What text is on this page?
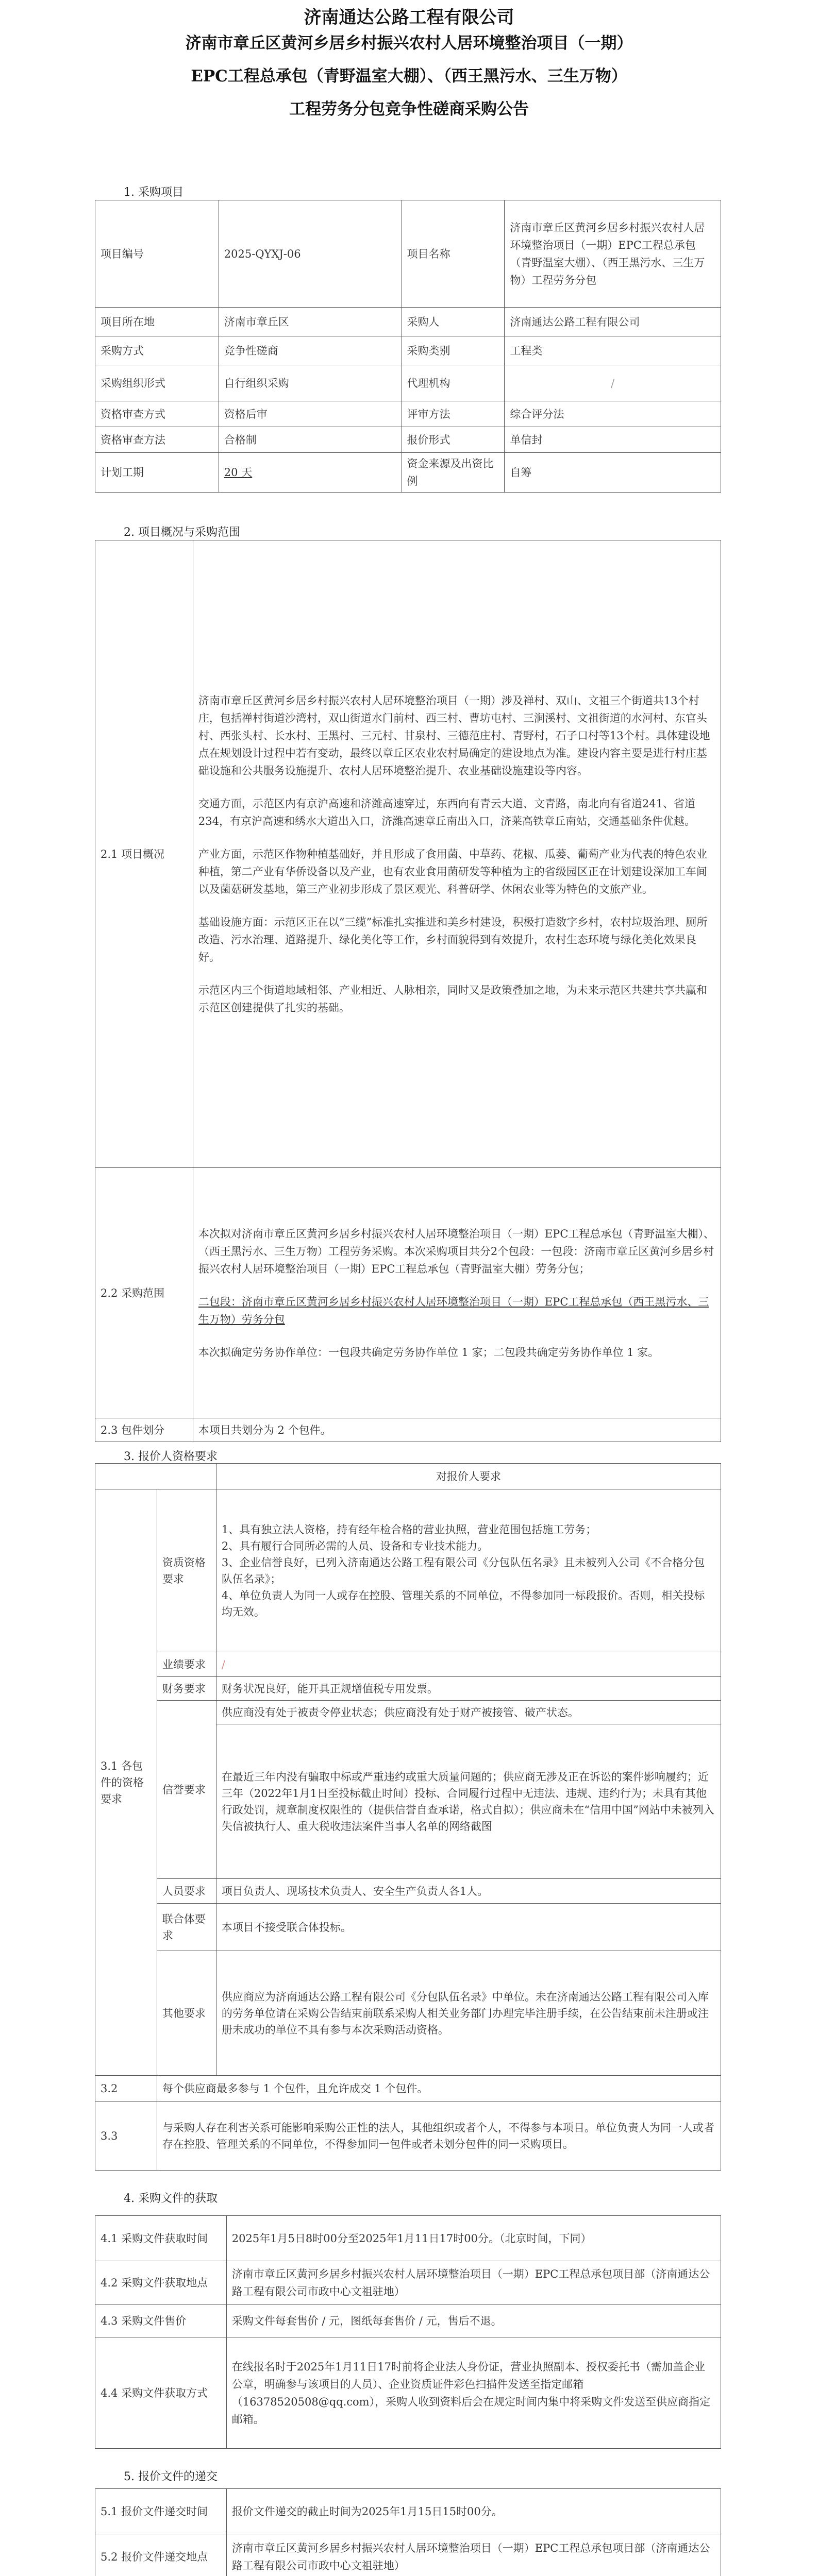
济南通达公路工程有限公司
济南市章丘区黄河乡居乡村振兴农村人居环境整治项目（一期）
EPC工程总承包（青野温室大棚）、（西王黑污水、三生万物）
工程劳务分包竞争性磋商采购公告
1. 采购项目
项目编号	2025-QYXJ-06	项目名称	济南市章丘区黄河乡居乡村振兴农村人居环境整治项目（一期）EPC工程总承包（青野温室大棚）、（西王黑污水、三生万物）工程劳务分包
项目所在地	济南市章丘区	采购人	济南通达公路工程有限公司
采购方式	竞争性磋商	采购类别	工程类
采购组织形式	自行组织采购	代理机构	/
资格审查方式	资格后审	评审方法	综合评分法
资格审查方法	合格制	报价形式	单信封
计划工期	20 天	资金来源及出资比例	自筹
2. 项目概况与采购范围
2.1 项目概况	济南市章丘区黄河乡居乡村振兴农村人居环境整治项目（一期）涉及禅村、双山、文祖三个街道共13个村庄，包括禅村街道沙湾村，双山街道水门前村、西三村、曹坊屯村、三涧溪村、文祖街道的水河村、东官头村、西张头村、长水村、王黑村、三元村、甘泉村、三德范庄村、青野村，石子口村等13个村。具体建设地点在规划设计过程中若有变动，最终以章丘区农业农村局确定的建设地点为准。建设内容主要是进行村庄基础设施和公共服务设施提升、农村人居环境整治提升、农业基础设施建设等内容。
交通方面，示范区内有京沪高速和济潍高速穿过，东西向有青云大道、文青路，南北向有省道241、省道234，有京沪高速和绣水大道出入口，济潍高速章丘南出入口，济莱高铁章丘南站，交通基础条件优越。
产业方面，示范区作物种植基础好，并且形成了食用菌、中草药、花椒、瓜蒌、葡萄产业为代表的特色农业种植，第二产业有华侨设备以及产业，也有农业食用菌研发等种植为主的省级园区正在计划建设深加工车间以及菌菇研发基地，第三产业初步形成了景区观光、科普研学、休闲农业等为特色的文旅产业。
基础设施方面：示范区正在以“三缆”标准扎实推进和美乡村建设，积极打造数字乡村，农村垃圾治理、厕所改造、污水治理、道路提升、绿化美化等工作，乡村面貌得到有效提升，农村生态环境与绿化美化效果良好。
示范区内三个街道地域相邻、产业相近、人脉相亲，同时又是政策叠加之地，为未来示范区共建共享共赢和示范区创建提供了扎实的基础。

2.2 采购范围	本次拟对济南市章丘区黄河乡居乡村振兴农村人居环境整治项目（一期）EPC工程总承包（青野温室大棚）、（西王黑污水、三生万物）工程劳务采购。本次采购项目共分2个包段：一包段：济南市章丘区黄河乡居乡村振兴农村人居环境整治项目（一期）EPC工程总承包（青野温室大棚）劳务分包；
二包段：济南市章丘区黄河乡居乡村振兴农村人居环境整治项目（一期）EPC工程总承包（西王黑污水、三生万物）劳务分包
本次拟确定劳务协作单位：一包段共确定劳务协作单位 1 家；二包段共确定劳务协作单位 1 家。

2.3 包件划分	本项目共划分为 2 个包件。
3. 报价人资格要求
		对报价人要求
3.1 各包件的资格要求	资质资格要求	1、具有独立法人资格，持有经年检合格的营业执照，营业范围包括施工劳务；
2、具有履行合同所必需的人员、设备和专业技术能力。
3、企业信誉良好，已列入济南通达公路工程有限公司《分包队伍名录》且未被列入公司《不合格分包队伍名录》；
4、单位负责人为同一人或存在控股、管理关系的不同单位，不得参加同一标段报价。否则，相关投标均无效。

	业绩要求	/
	财务要求	财务状况良好，能开具正规增值税专用发票。
	信誉要求	供应商没有处于被责令停业状态；供应商没有处于财产被接管、破产状态。
		在最近三年内没有骗取中标或严重违约或重大质量问题的；供应商无涉及正在诉讼的案件影响履约；近三年（2022年1月1日至投标截止时间）投标、合同履行过程中无违法、违规、违约行为；未具有其他行政处罚，规章制度权限性的（提供信誉自查承诺，格式自拟）；供应商未在“信用中国”网站中未被列入失信被执行人、重大税收违法案件当事人名单的网络截图
	人员要求	项目负责人、现场技术负责人、安全生产负责人各1人。
	联合体要求	本项目不接受联合体投标。
	其他要求	供应商应为济南通达公路工程有限公司《分包队伍名录》中单位。未在济南通达公路工程有限公司入库的劳务单位请在采购公告结束前联系采购人相关业务部门办理完毕注册手续，在公告结束前未注册或注册未成功的单位不具有参与本次采购活动资格。
3.2	每个供应商最多参与 1 个包件，且允许成交 1 个包件。	
3.3	与采购人存在利害关系可能影响采购公正性的法人，其他组织或者个人，不得参与本项目。单位负责人为同一人或者存在控股、管理关系的不同单位，不得参加同一包件或者未划分包件的同一采购项目。	
4. 采购文件的获取
4.1 采购文件获取时间	2025年1月5日8时00分至2025年1月11日17时00分。（北京时间，下同）
4.2 采购文件获取地点	济南市章丘区黄河乡居乡村振兴农村人居环境整治项目（一期）EPC工程总承包项目部（济南通达公路工程有限公司市政中心文祖驻地）
4.3 采购文件售价	采购文件每套售价 / 元，图纸每套售价 / 元，售后不退。
4.4 采购文件获取方式	在线报名时于2025年1月11日17时前将企业法人身份证，营业执照副本、授权委托书（需加盖企业公章，明确参与该项目的人员）、企业资质证件彩色扫描件发送至指定邮箱（16378520508@qq.com），采购人收到资料后会在规定时间内集中将采购文件发送至供应商指定邮箱。
5. 报价文件的递交
5.1 报价文件递交时间	报价文件递交的截止时间为2025年1月15日15时00分。
5.2 报价文件递交地点	济南市章丘区黄河乡居乡村振兴农村人居环境整治项目（一期）EPC工程总承包项目部（济南通达公路工程有限公司市政中心文祖驻地）
